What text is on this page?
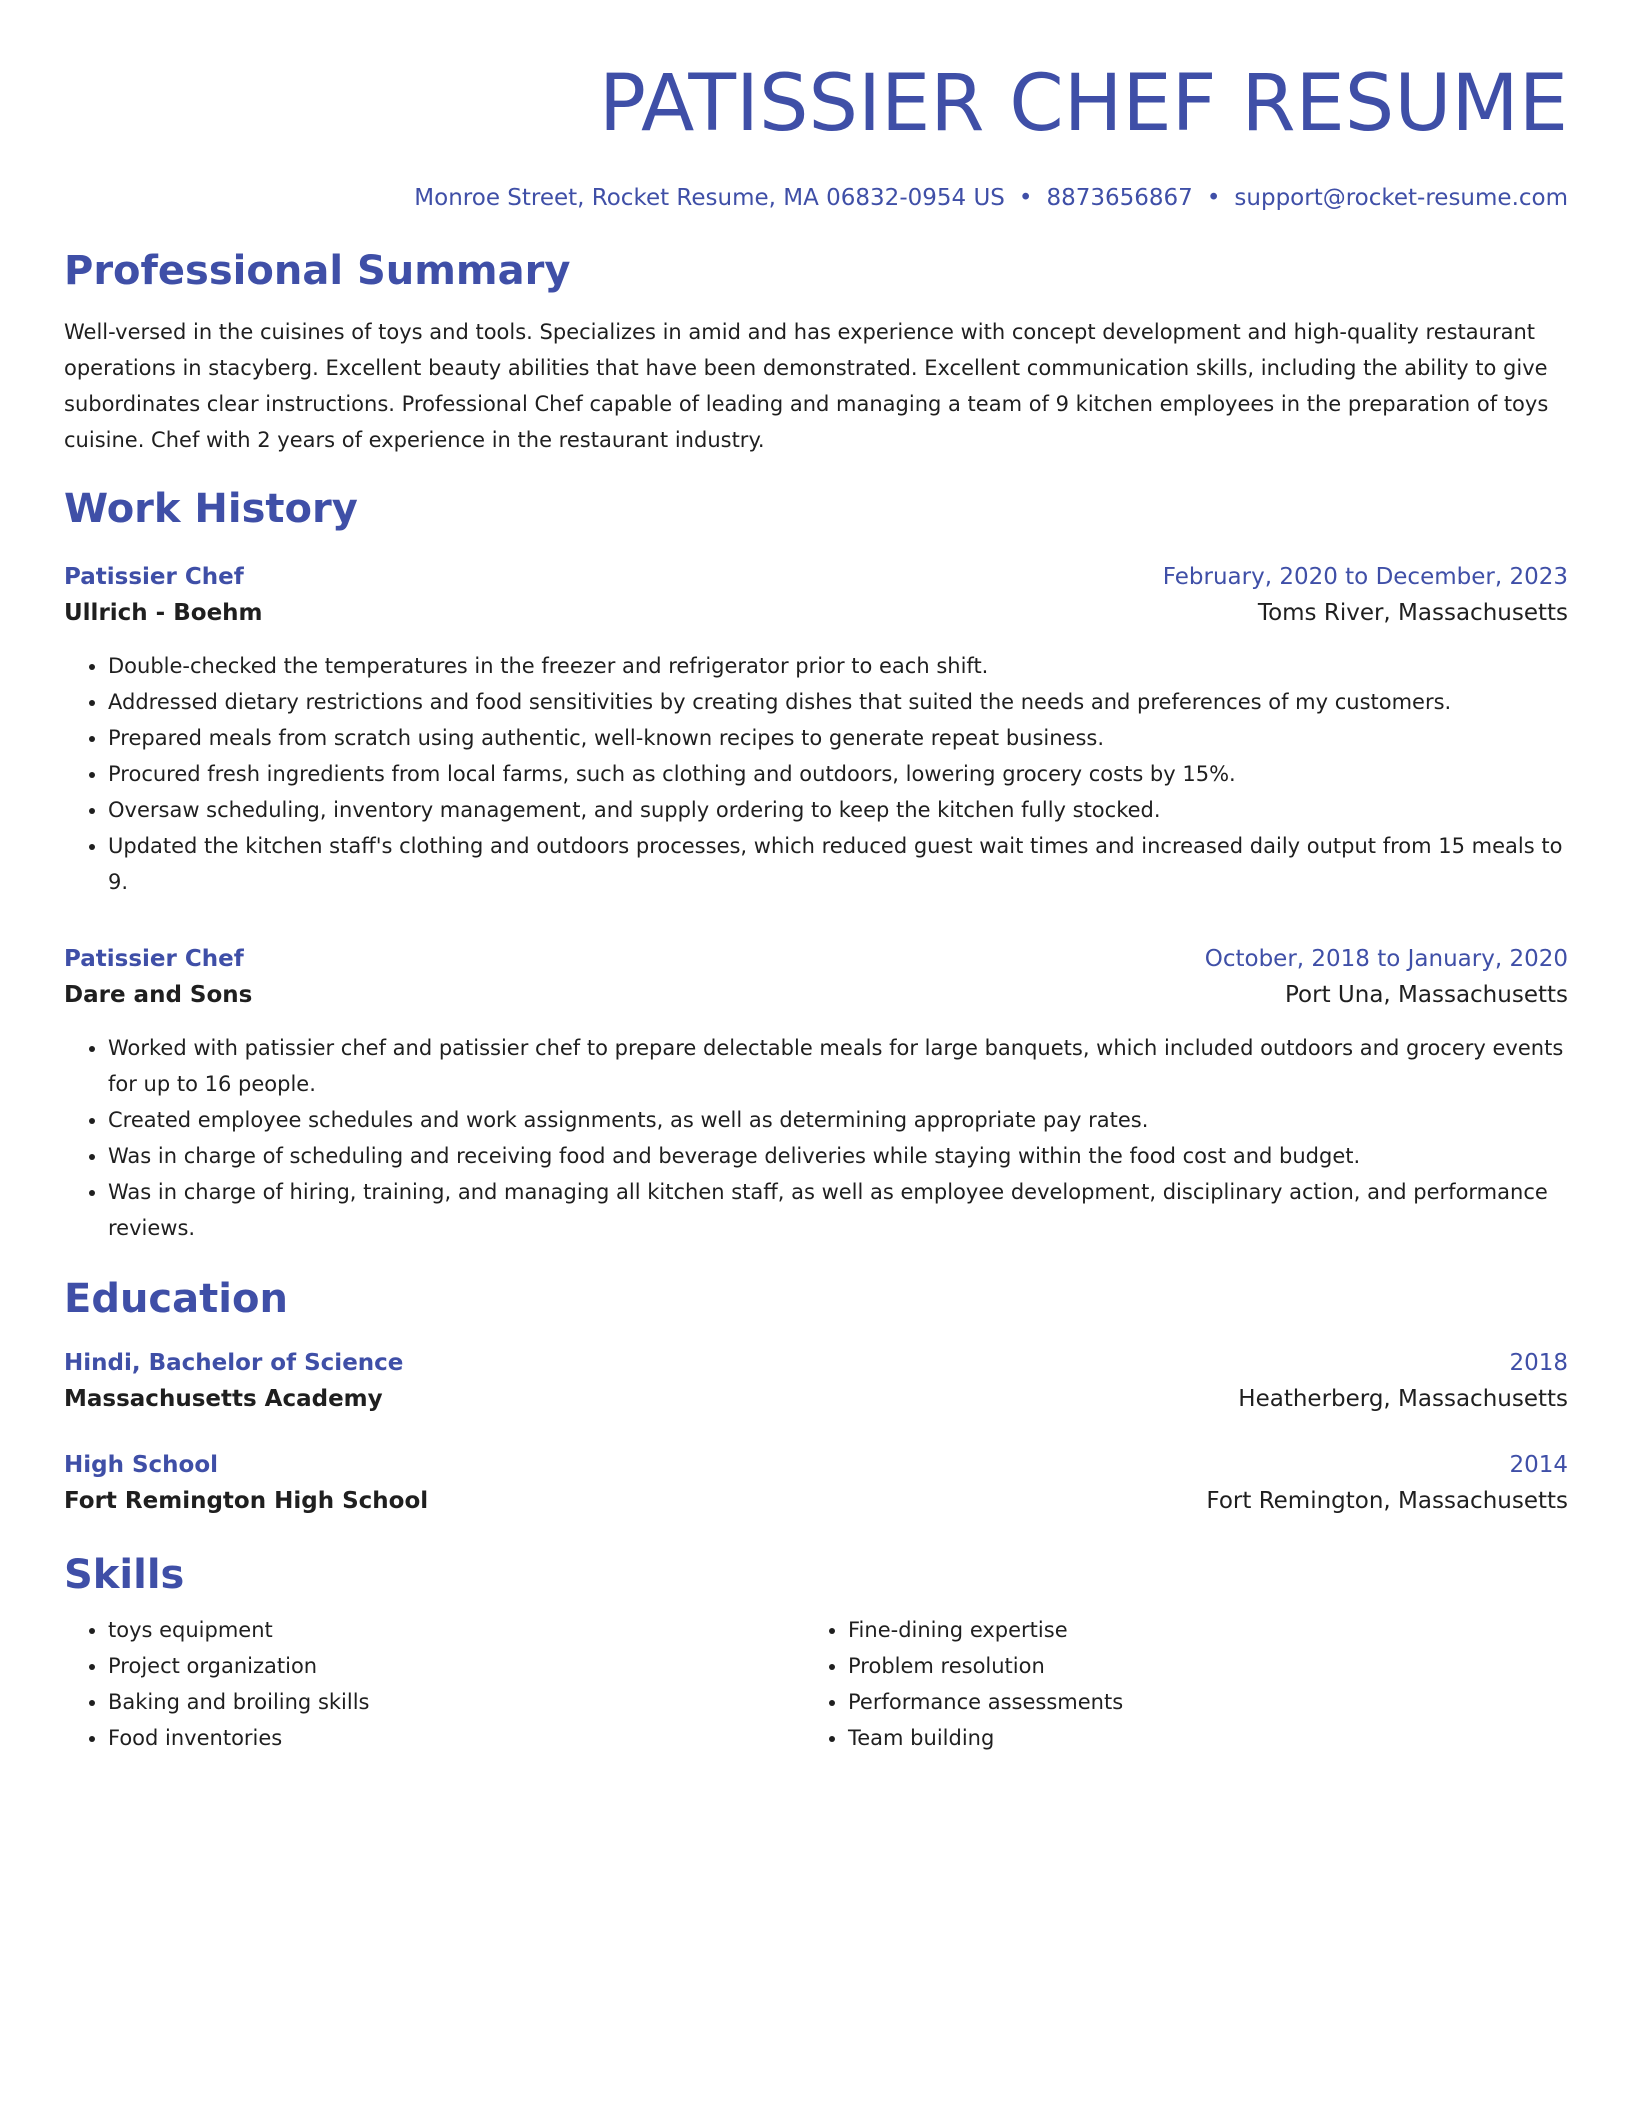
PATISSIER CHEF RESUME
Monroe Street, Rocket Resume, MA 06832-0954 US • 8873656867 • support@rocket-resume.com
Professional Summary
Well-versed in the cuisines of toys and tools. Specializes in amid and has experience with concept development and high-quality restaurant operations in stacyberg. Excellent beauty abilities that have been demonstrated. Excellent communication skills, including the ability to give subordinates clear instructions. Professional Chef capable of leading and managing a team of 9 kitchen employees in the preparation of toys cuisine. Chef with 2 years of experience in the restaurant industry.
Work History
Patissier Chef	February, 2020 to December, 2023
Ullrich - Boehm	Toms River, Massachusetts
• Double-checked the temperatures in the freezer and refrigerator prior to each shift.
• Addressed dietary restrictions and food sensitivities by creating dishes that suited the needs and preferences of my customers.
• Prepared meals from scratch using authentic, well-known recipes to generate repeat business.
• Procured fresh ingredients from local farms, such as clothing and outdoors, lowering grocery costs by 15%.
• Oversaw scheduling, inventory management, and supply ordering to keep the kitchen fully stocked.
• Updated the kitchen staff's clothing and outdoors processes, which reduced guest wait times and increased daily output from 15 meals to 9.
Patissier Chef	October, 2018 to January, 2020
Dare and Sons	Port Una, Massachusetts
• Worked with patissier chef and patissier chef to prepare delectable meals for large banquets, which included outdoors and grocery events for up to 16 people.
• Created employee schedules and work assignments, as well as determining appropriate pay rates.
• Was in charge of scheduling and receiving food and beverage deliveries while staying within the food cost and budget.
• Was in charge of hiring, training, and managing all kitchen staff, as well as employee development, disciplinary action, and performance reviews.
Education
Hindi, Bachelor of Science	2018
Massachusetts Academy	Heatherberg, Massachusetts
High School	2014
Fort Remington High School	Fort Remington, Massachusetts
Skills
• toys equipment
• Project organization
• Baking and broiling skills
• Food inventories
• Fine-dining expertise
• Problem resolution
• Performance assessments
• Team building
